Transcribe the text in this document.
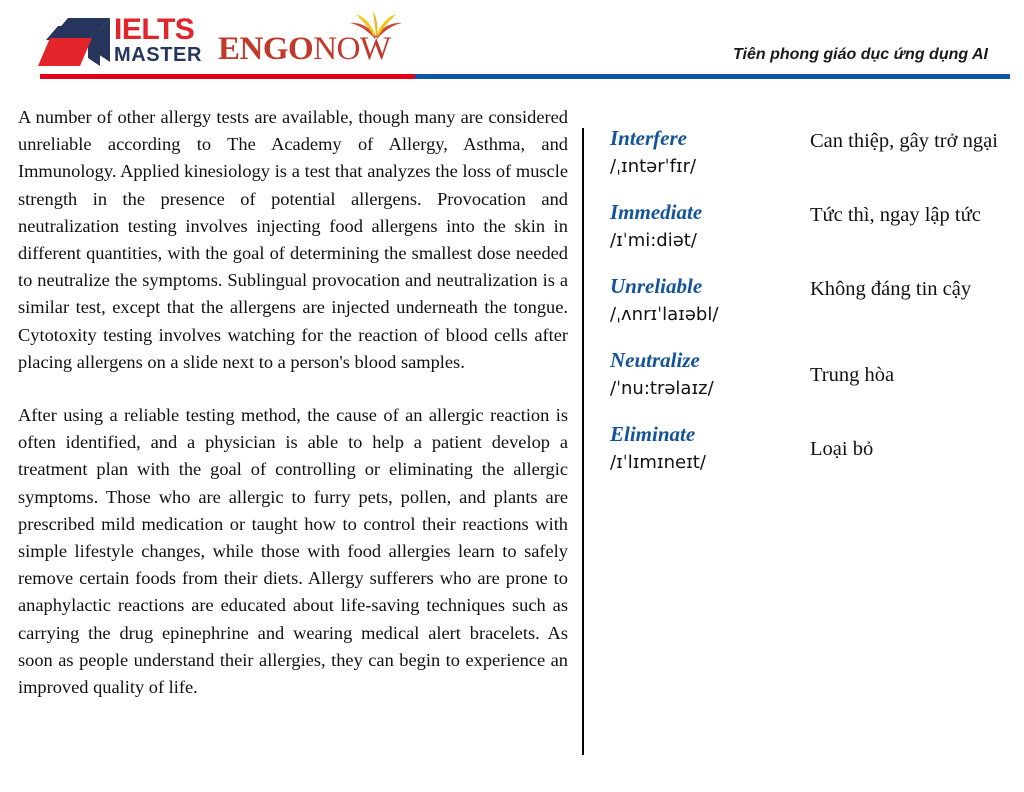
IELTS
MASTER ENGO NOW	Tiên phong giáo dục ứng dụng AI

A number of other allergy tests are available, though many are considered unreliable according to The Academy of Allergy, Asthma, and Immunology. Applied kinesiology is a test that analyzes the loss of muscle strength in the presence of potential allergens. Provocation and neutralization testing involves injecting food allergens into the skin in different quantities, with the goal of determining the smallest dose needed to neutralize the symptoms. Sublingual provocation and neutralization is a similar test, except that the allergens are injected underneath the tongue. Cytotoxity testing involves watching for the reaction of blood cells after placing allergens on a slide next to a person's blood samples.

After using a reliable testing method, the cause of an allergic reaction is often identified, and a physician is able to help a patient develop a treatment plan with the goal of controlling or eliminating the allergic symptoms. Those who are allergic to furry pets, pollen, and plants are prescribed mild medication or taught how to control their reactions with simple lifestyle changes, while those with food allergies learn to safely remove certain foods from their diets. Allergy sufferers who are prone to anaphylactic reactions are educated about life-saving techniques such as carrying the drug epinephrine and wearing medical alert bracelets. As soon as people understand their allergies, they can begin to experience an improved quality of life.

Interfere
/ˌɪntərˈfɪr/
Can thiệp, gây trở ngại
Immediate
/ɪˈmi:diət/
Tức thì, ngay lập tức
Unreliable
/ˌʌnrɪˈlaɪəbl/
Không đáng tin cậy
Neutralize
/ˈnu:trəlaɪz/
Trung hòa
Eliminate
/ɪˈlɪmɪneɪt/
Loại bỏ
